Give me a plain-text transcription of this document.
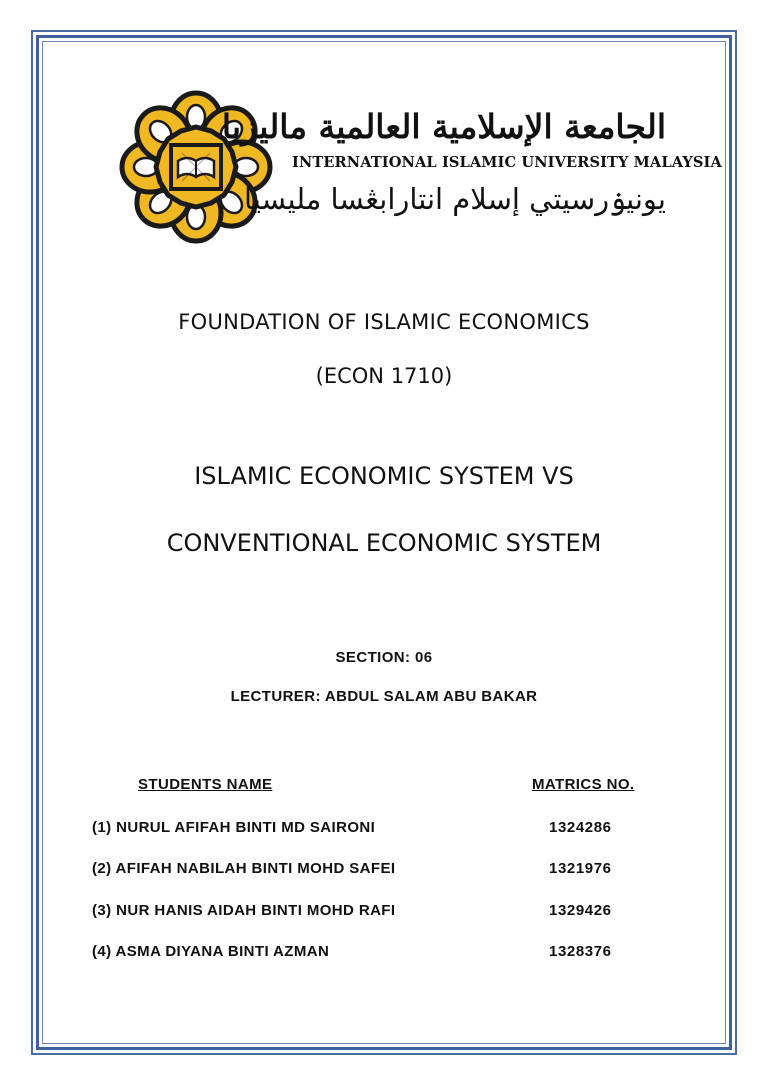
الجامعة الإسلامية العالمية ماليزيا
INTERNATIONAL ISLAMIC UNIVERSITY MALAYSIA
يونيۏرسيتي إسلام انتارابڠسا مليسيا
FOUNDATION OF ISLAMIC ECONOMICS
(ECON 1710)
ISLAMIC ECONOMIC SYSTEM VS
CONVENTIONAL ECONOMIC SYSTEM
SECTION: 06
LECTURER: ABDUL SALAM ABU BAKAR
STUDENTS NAME	MATRICS NO.
(1) NURUL AFIFAH BINTI MD SAIRONI	1324286
(2) AFIFAH NABILAH BINTI MOHD SAFEI	1321976
(3) NUR HANIS AIDAH BINTI MOHD RAFI	1329426
(4) ASMA DIYANA BINTI AZMAN	1328376
